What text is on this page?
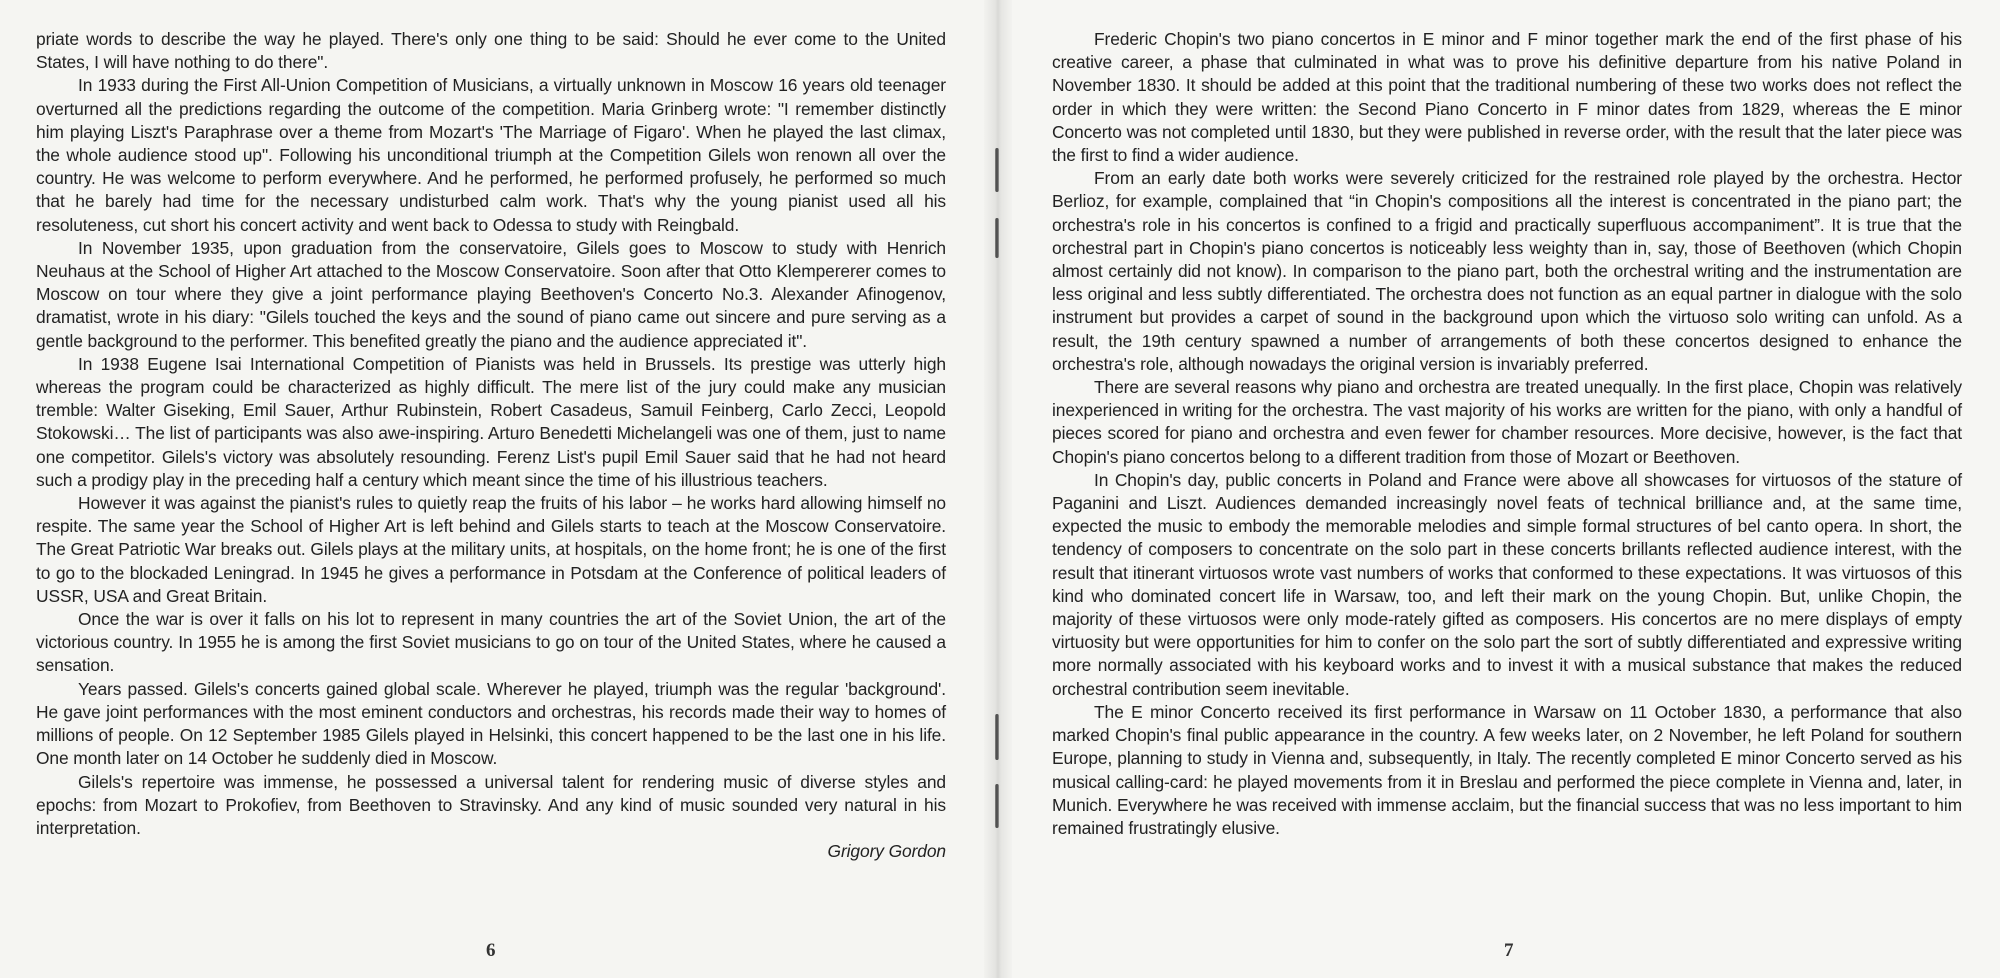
priate words to describe the way he played. There's only one thing to be said: Should he ever come to the United States, I will have nothing to do there".

In 1933 during the First All-Union Competition of Musicians, a virtually unknown in Moscow 16 years old teenager overturned all the predictions regarding the outcome of the competition. Maria Grinberg wrote: "I remember distinctly him playing Liszt's Paraphrase over a theme from Mozart's 'The Marriage of Figaro'. When he played the last climax, the whole audience stood up". Following his unconditional triumph at the Competition Gilels won renown all over the country. He was welcome to perform everywhere. And he performed, he performed profusely, he performed so much that he barely had time for the necessary undisturbed calm work. That's why the young pianist used all his resoluteness, cut short his concert activity and went back to Odessa to study with Reingbald.

In November 1935, upon graduation from the conservatoire, Gilels goes to Moscow to study with Henrich Neuhaus at the School of Higher Art attached to the Moscow Conservatoire. Soon after that Otto Klempererer comes to Moscow on tour where they give a joint performance playing Beethoven's Concerto No.3. Alexander Afinogenov, dramatist, wrote in his diary: "Gilels touched the keys and the sound of piano came out sincere and pure serving as a gentle background to the performer. This benefited greatly the piano and the audience appreciated it".

In 1938 Eugene Isai International Competition of Pianists was held in Brussels. Its prestige was utterly high whereas the program could be characterized as highly difficult. The mere list of the jury could make any musician tremble: Walter Giseking, Emil Sauer, Arthur Rubinstein, Robert Casadeus, Samuil Feinberg, Carlo Zecci, Leopold Stokowski… The list of participants was also awe-inspiring. Arturo Benedetti Michelangeli was one of them, just to name one competitor. Gilels's victory was absolutely resounding. Ferenz List's pupil Emil Sauer said that he had not heard such a prodigy play in the preceding half a century which meant since the time of his illustrious teachers.

However it was against the pianist's rules to quietly reap the fruits of his labor – he works hard allowing himself no respite. The same year the School of Higher Art is left behind and Gilels starts to teach at the Moscow Conservatoire. The Great Patriotic War breaks out. Gilels plays at the military units, at hospitals, on the home front; he is one of the first to go to the blockaded Leningrad. In 1945 he gives a performance in Potsdam at the Conference of political leaders of USSR, USA and Great Britain.

Once the war is over it falls on his lot to represent in many countries the art of the Soviet Union, the art of the victorious country. In 1955 he is among the first Soviet musicians to go on tour of the United States, where he caused a sensation.

Years passed. Gilels's concerts gained global scale. Wherever he played, triumph was the regular 'background'. He gave joint performances with the most eminent conductors and orchestras, his records made their way to homes of millions of people. On 12 September 1985 Gilels played in Helsinki, this concert happened to be the last one in his life. One month later on 14 October he suddenly died in Moscow.

Gilels's repertoire was immense, he possessed a universal talent for rendering music of diverse styles and epochs: from Mozart to Prokofiev, from Beethoven to Stravinsky. And any kind of music sounded very natural in his interpretation.

Grigory Gordon

6

Frederic Chopin's two piano concertos in E minor and F minor together mark the end of the first phase of his creative career, a phase that culminated in what was to prove his definitive departure from his native Poland in November 1830. It should be added at this point that the traditional numbering of these two works does not reflect the order in which they were written: the Second Piano Concerto in F minor dates from 1829, whereas the E minor Concerto was not completed until 1830, but they were published in reverse order, with the result that the later piece was the first to find a wider audience.

From an early date both works were severely criticized for the restrained role played by the orchestra. Hector Berlioz, for example, complained that “in Chopin's compositions all the interest is concentrated in the piano part; the orchestra's role in his concertos is confined to a frigid and practically superfluous accompaniment”. It is true that the orchestral part in Chopin's piano concertos is noticeably less weighty than in, say, those of Beethoven (which Chopin almost certainly did not know). In comparison to the piano part, both the orchestral writing and the instrumentation are less original and less subtly differentiated. The orchestra does not function as an equal partner in dialogue with the solo instrument but provides a carpet of sound in the background upon which the virtuoso solo writing can unfold. As a result, the 19th century spawned a number of arrangements of both these concertos designed to enhance the orchestra's role, although nowadays the original version is invariably preferred.

There are several reasons why piano and orchestra are treated unequally. In the first place, Chopin was relatively inexperienced in writing for the orchestra. The vast majority of his works are written for the piano, with only a handful of pieces scored for piano and orchestra and even fewer for chamber resources. More decisive, however, is the fact that Chopin's piano concertos belong to a different tradition from those of Mozart or Beethoven.

In Chopin's day, public concerts in Poland and France were above all showcases for virtuosos of the stature of Paganini and Liszt. Audiences demanded increasingly novel feats of technical brilliance and, at the same time, expected the music to embody the memorable melodies and simple formal structures of bel canto opera. In short, the tendency of composers to concentrate on the solo part in these concerts brillants reflected audience interest, with the result that itinerant virtuosos wrote vast numbers of works that conformed to these expectations. It was virtuosos of this kind who dominated concert life in Warsaw, too, and left their mark on the young Chopin. But, unlike Chopin, the majority of these virtuosos were only mode-rately gifted as composers. His concertos are no mere displays of empty virtuosity but were opportunities for him to confer on the solo part the sort of subtly differentiated and expressive writing more normally associated with his keyboard works and to invest it with a musical substance that makes the reduced orchestral contribution seem inevitable.

The E minor Concerto received its first performance in Warsaw on 11 October 1830, a performance that also marked Chopin's final public appearance in the country. A few weeks later, on 2 November, he left Poland for southern Europe, planning to study in Vienna and, subsequently, in Italy. The recently completed E minor Concerto served as his musical calling-card: he played movements from it in Breslau and performed the piece complete in Vienna and, later, in Munich. Everywhere he was received with immense acclaim, but the financial success that was no less important to him remained frustratingly elusive.

7
